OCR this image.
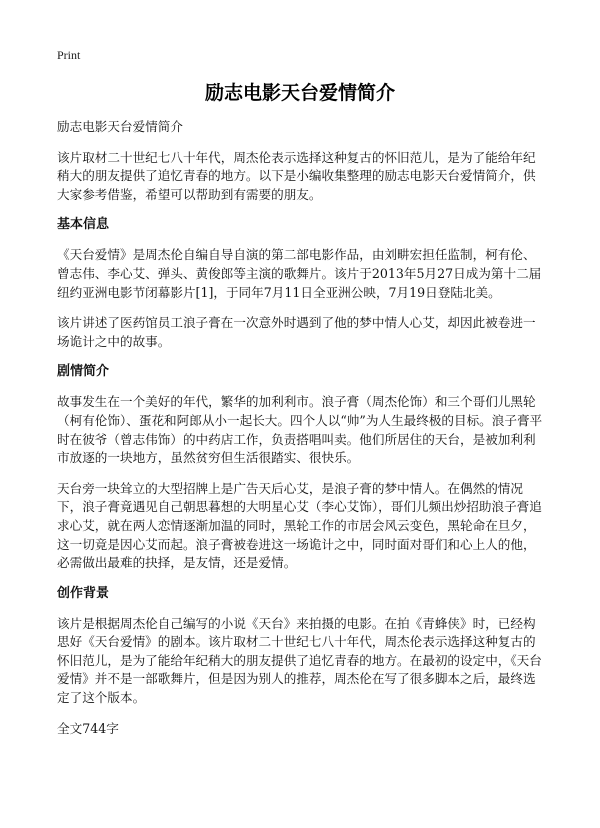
Print
励志电影天台爱情简介

励志电影天台爱情简介

该片取材二十世纪七八十年代，周杰伦表示选择这种复古的怀旧范儿，是为了能给年纪稍大的朋友提供了追忆青春的地方。以下是小编收集整理的励志电影天台爱情简介，供大家参考借鉴，希望可以帮助到有需要的朋友。

基本信息

《天台爱情》是周杰伦自编自导自演的第二部电影作品，由刘畊宏担任监制，柯有伦、曾志伟、李心艾、弹头、黄俊郎等主演的歌舞片。该片于2013年5月27日成为第十二届纽约亚洲电影节闭幕影片[1]，于同年7月11日全亚洲公映，7月19日登陆北美。

该片讲述了医药馆员工浪子膏在一次意外时遇到了他的梦中情人心艾，却因此被卷进一场诡计之中的故事。

剧情简介

故事发生在一个美好的年代，繁华的加利利市。浪子膏（周杰伦饰）和三个哥们儿黑轮（柯有伦饰）、蛋花和阿郎从小一起长大。四个人以“帅”为人生最终极的目标。浪子膏平时在彼爷（曾志伟饰）的中药店工作，负责搭唱叫卖。他们所居住的天台，是被加利利市放逐的一块地方，虽然贫穷但生活很踏实、很快乐。

天台旁一块耸立的大型招牌上是广告天后心艾，是浪子膏的梦中情人。在偶然的情况下，浪子膏竟遇见自己朝思暮想的大明星心艾（李心艾饰），哥们儿频出炒招助浪子膏追求心艾，就在两人恋情逐渐加温的同时，黑轮工作的市居会风云变色，黑轮命在旦夕，这一切竟是因心艾而起。浪子膏被卷进这一场诡计之中，同时面对哥们和心上人的他，必需做出最难的抉择，是友情，还是爱情。

创作背景

该片是根据周杰伦自己编写的小说《天台》来拍摄的电影。在拍《青蜂侠》时，已经构思好《天台爱情》的剧本。该片取材二十世纪七八十年代，周杰伦表示选择这种复古的怀旧范儿，是为了能给年纪稍大的朋友提供了追忆青春的地方。在最初的设定中，《天台爱情》并不是一部歌舞片，但是因为别人的推荐，周杰伦在写了很多脚本之后，最终选定了这个版本。

全文744字
